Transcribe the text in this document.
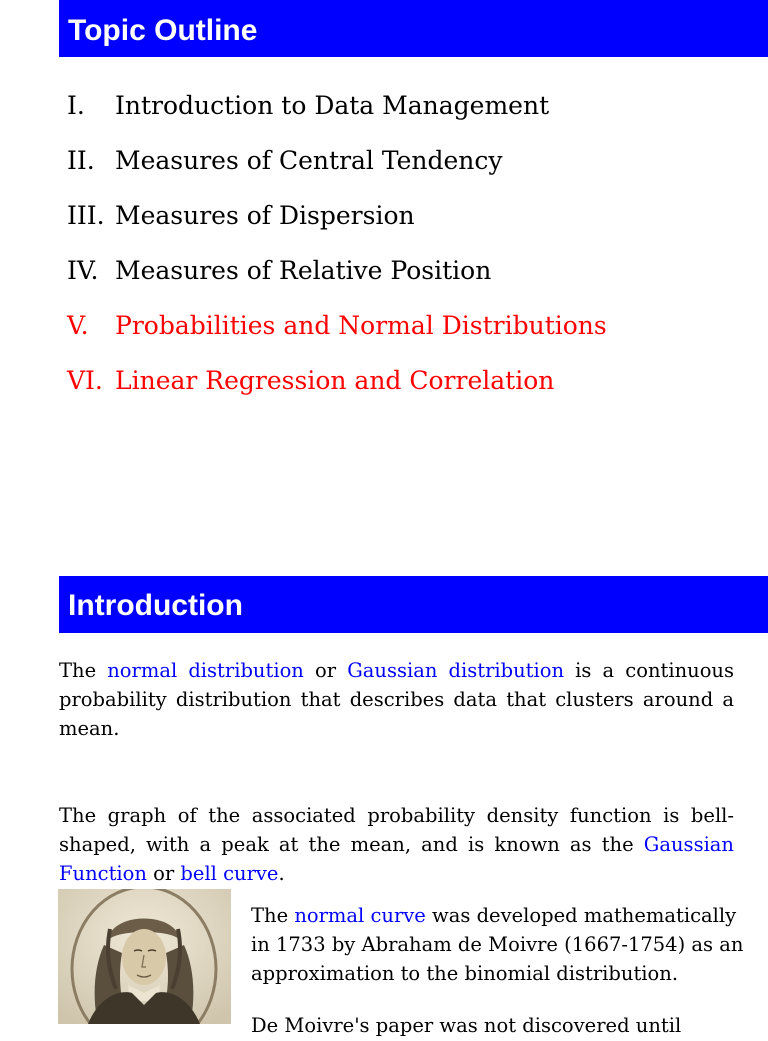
Topic Outline
I.	Introduction to Data Management
II. Measures of Central Tendency
III. Measures of Dispersion
IV. Measures of Relative Position
V.	Probabilities and Normal Distributions
VI. Linear Regression and Correlation
Introduction

The normal distribution or Gaussian distribution is a continuous probability distribution that describes data that clusters around a mean.

The graph of the associated probability density function is bell-shaped, with a peak at the mean, and is known as the Gaussian Function or bell curve.

The normal curve was developed mathematically in 1733 by Abraham de Moivre (1667-1754) as an approximation to the binomial distribution.

De Moivre's paper was not discovered until
